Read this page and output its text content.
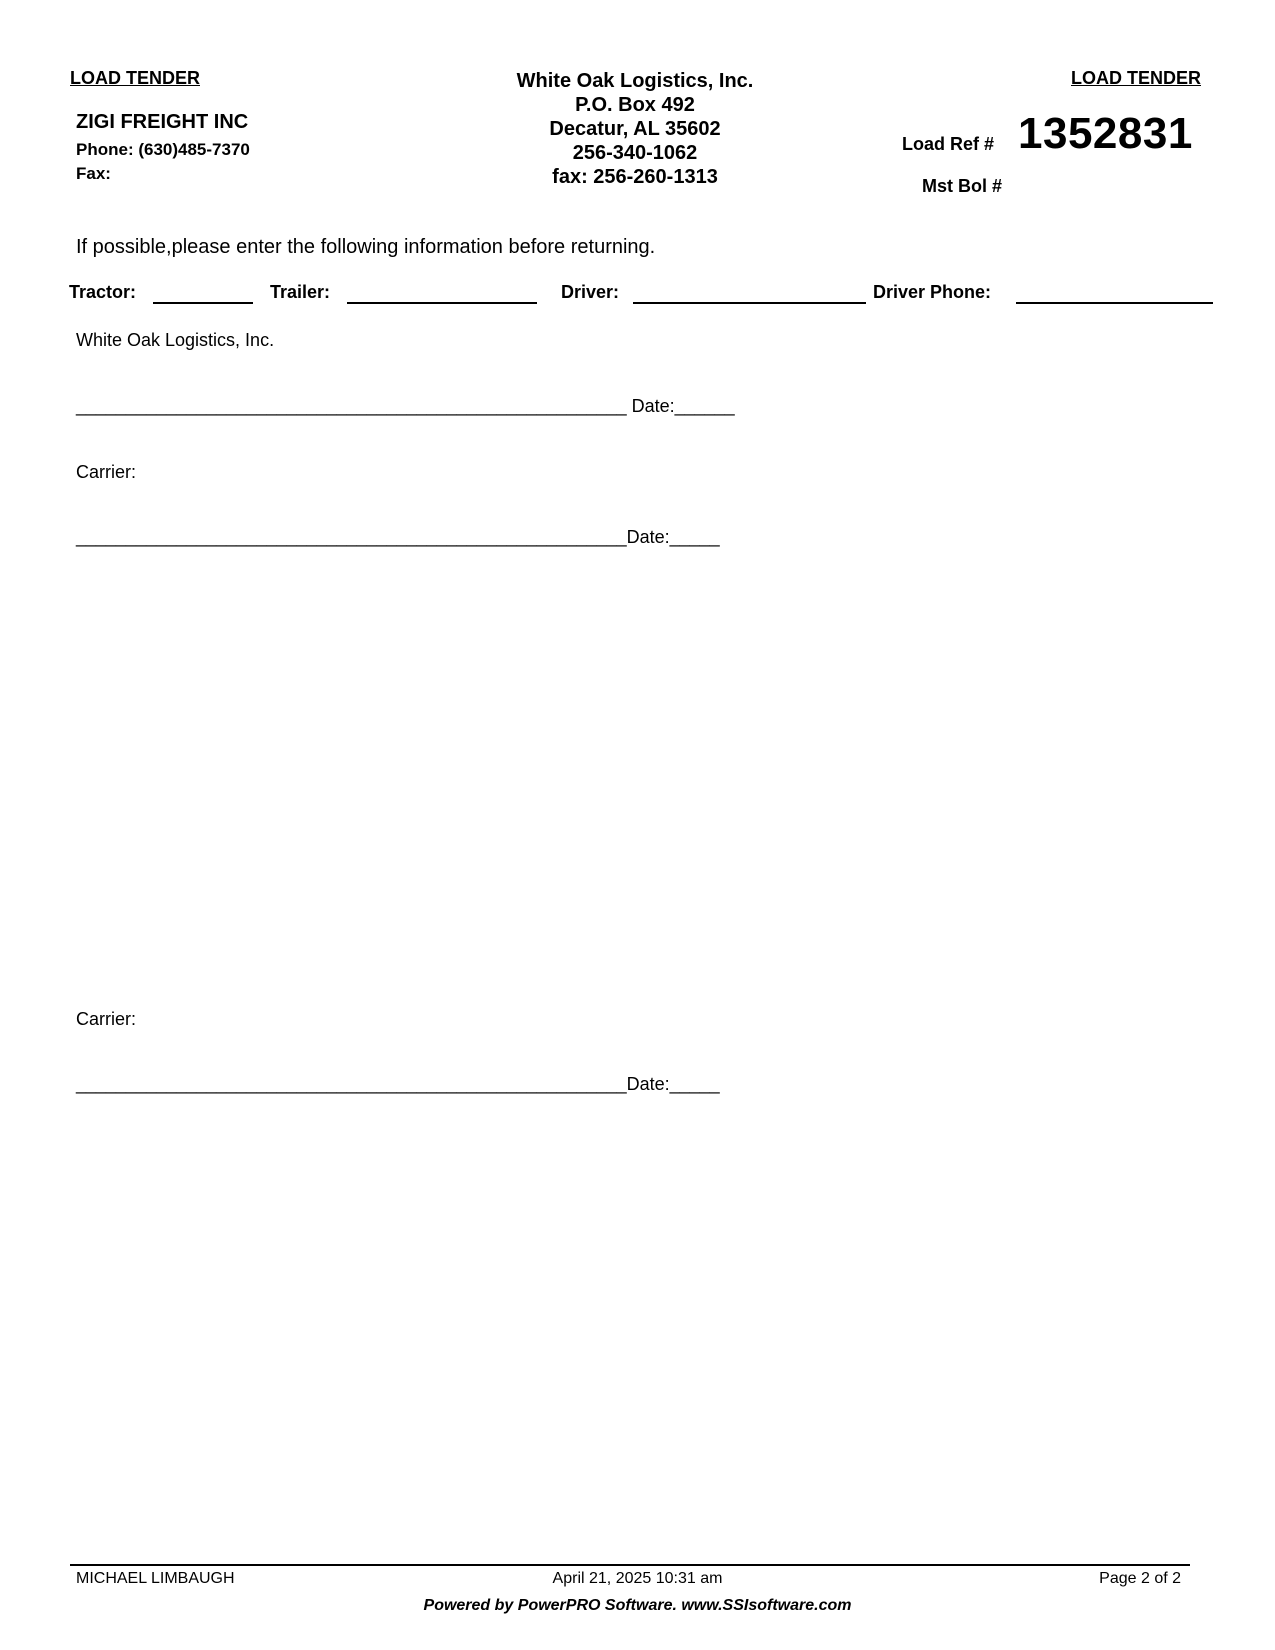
LOAD TENDER	LOAD TENDER
ZIGI FREIGHT INC
Phone: (630)485-7370
Fax:
White Oak Logistics, Inc.
P.O. Box 492
Decatur, AL 35602
256-340-1062
fax: 256-260-1313
Load Ref # 1352831
Mst Bol #
If possible,please enter the following information before returning.
Tractor:	Trailer:	Driver:	Driver Phone:
White Oak Logistics, Inc.
_______________________________________________________ Date:______
Carrier:
_______________________________________________________Date:_____
Carrier:
_______________________________________________________Date:_____
MICHAEL LIMBAUGH	April 21, 2025 10:31 am	Page 2 of 2
Powered by PowerPRO Software. www.SSIsoftware.com
